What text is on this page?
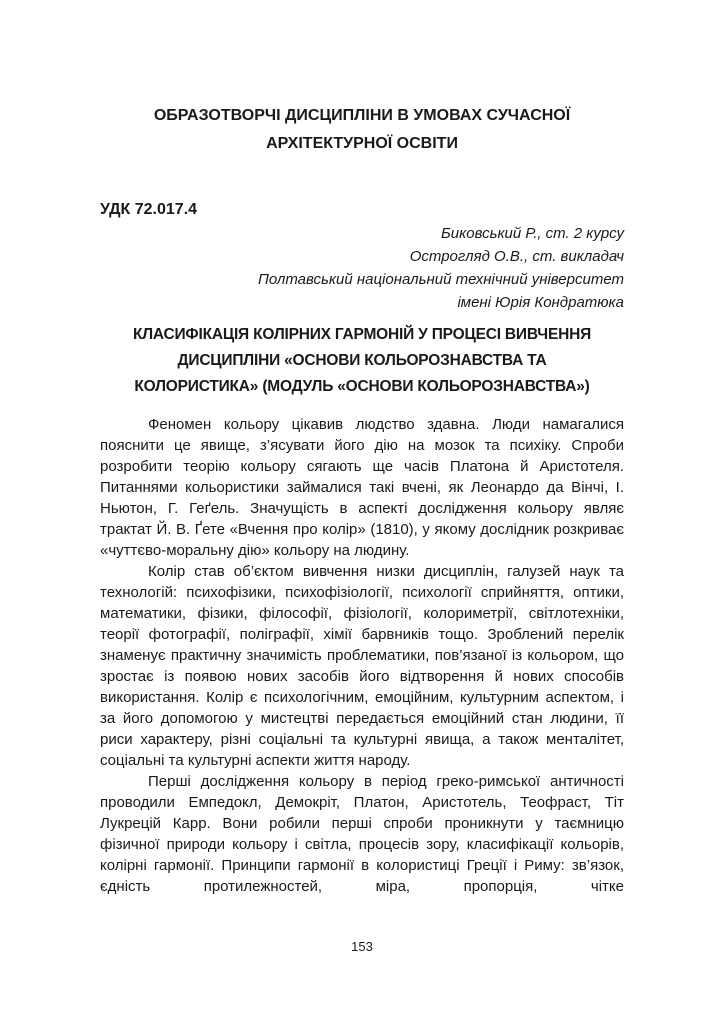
ОБРАЗОТВОРЧІ ДИСЦИПЛІНИ В УМОВАХ СУЧАСНОЇ
АРХІТЕКТУРНОЇ ОСВІТИ
УДК 72.017.4
Биковський Р., ст. 2 курсу
Острогляд О.В., ст. викладач
Полтавський національний технічний університет
імені Юрія Кондратюка
КЛАСИФІКАЦІЯ КОЛІРНИХ ГАРМОНІЙ У ПРОЦЕСІ ВИВЧЕННЯ
ДИСЦИПЛІНИ «ОСНОВИ КОЛЬОРОЗНАВСТВА ТА
КОЛОРИСТИКА» (МОДУЛЬ «ОСНОВИ КОЛЬОРОЗНАВСТВА»)

Феномен кольору цікавив людство здавна. Люди намагалися пояснити це явище, з’ясувати його дію на мозок та психіку. Спроби розробити теорію кольору сягають ще часів Платона й Аристотеля. Питаннями кольористики займалися такі вчені, як Леонардо да Вінчі, І. Ньютон, Г. Геґель. Значущість в аспекті дослідження кольору являє трактат Й. В. Ґете «Вчення про колір» (1810), у якому дослідник розкриває «чуттєво-моральну дію» кольору на людину.

Колір став об’єктом вивчення низки дисциплін, галузей наук та технологій: психофізики, психофізіології, психології сприйняття, оптики, математики, фізики, філософії, фізіології, колориметрії, світлотехніки, теорії фотографії, поліграфії, хімії барвників тощо. Зроблений перелік знаменує практичну значимість проблематики, пов’язаної із кольором, що зростає із появою нових засобів його відтворення й нових способів використання. Колір є психологічним, емоційним, культурним аспектом, і за його допомогою у мистецтві передається емоційний стан людини, її риси характеру, різні соціальні та культурні явища, а також менталітет, соціальні та культурні аспекти життя народу.

Перші дослідження кольору в період греко-римської античності проводили Емпедокл, Демокріт, Платон, Аристотель, Теофраст, Тіт Лукрецій Карр. Вони робили перші спроби проникнути у таємницю фізичної природи кольору і світла, процесів зору, класифікації кольорів, колірні гармонії. Принципи гармонії в колористиці Греції і Риму: зв’язок, єдність протилежностей, міра, пропорція, чітке

153
